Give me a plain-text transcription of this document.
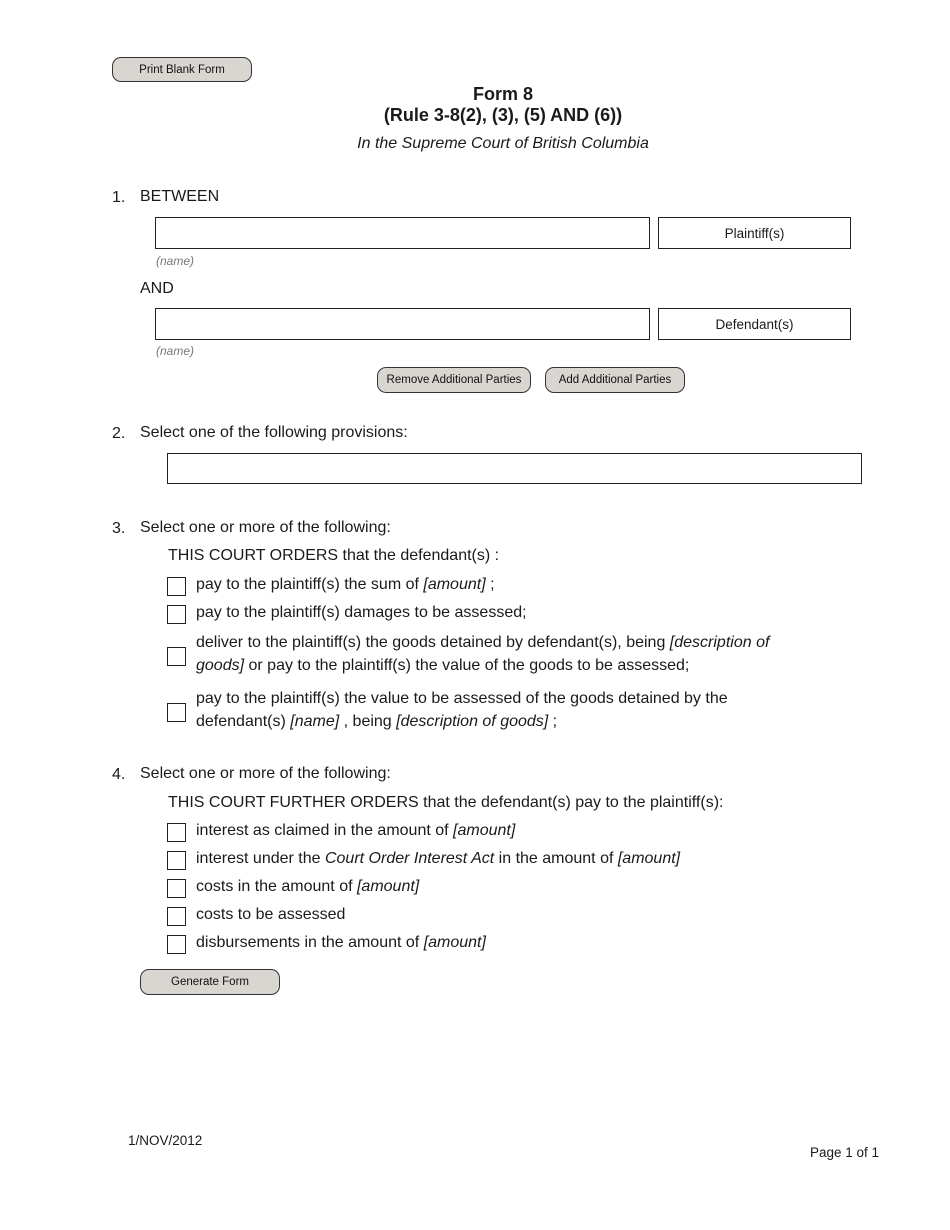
Print Blank Form
Form 8
(Rule 3-8(2), (3), (5) AND (6))
In the Supreme Court of British Columbia
1. BETWEEN
Plaintiff(s)
(name)
AND
Defendant(s)
(name)
Remove Additional Parties	Add Additional Parties
2. Select one of the following provisions:
3. Select one or more of the following:
THIS COURT ORDERS that the defendant(s) :
pay to the plaintiff(s) the sum of [amount] ;
pay to the plaintiff(s) damages to be assessed;
deliver to the plaintiff(s) the goods detained by defendant(s), being [description of
goods] or pay to the plaintiff(s) the value of the goods to be assessed;
pay to the plaintiff(s) the value to be assessed of the goods detained by the
defendant(s) [name] , being [description of goods] ;
4. Select one or more of the following:
THIS COURT FURTHER ORDERS that the defendant(s) pay to the plaintiff(s):
interest as claimed in the amount of [amount]
interest under the Court Order Interest Act in the amount of [amount]
costs in the amount of [amount]
costs to be assessed
disbursements in the amount of [amount]
Generate Form
1/NOV/2012
Page 1 of 1
